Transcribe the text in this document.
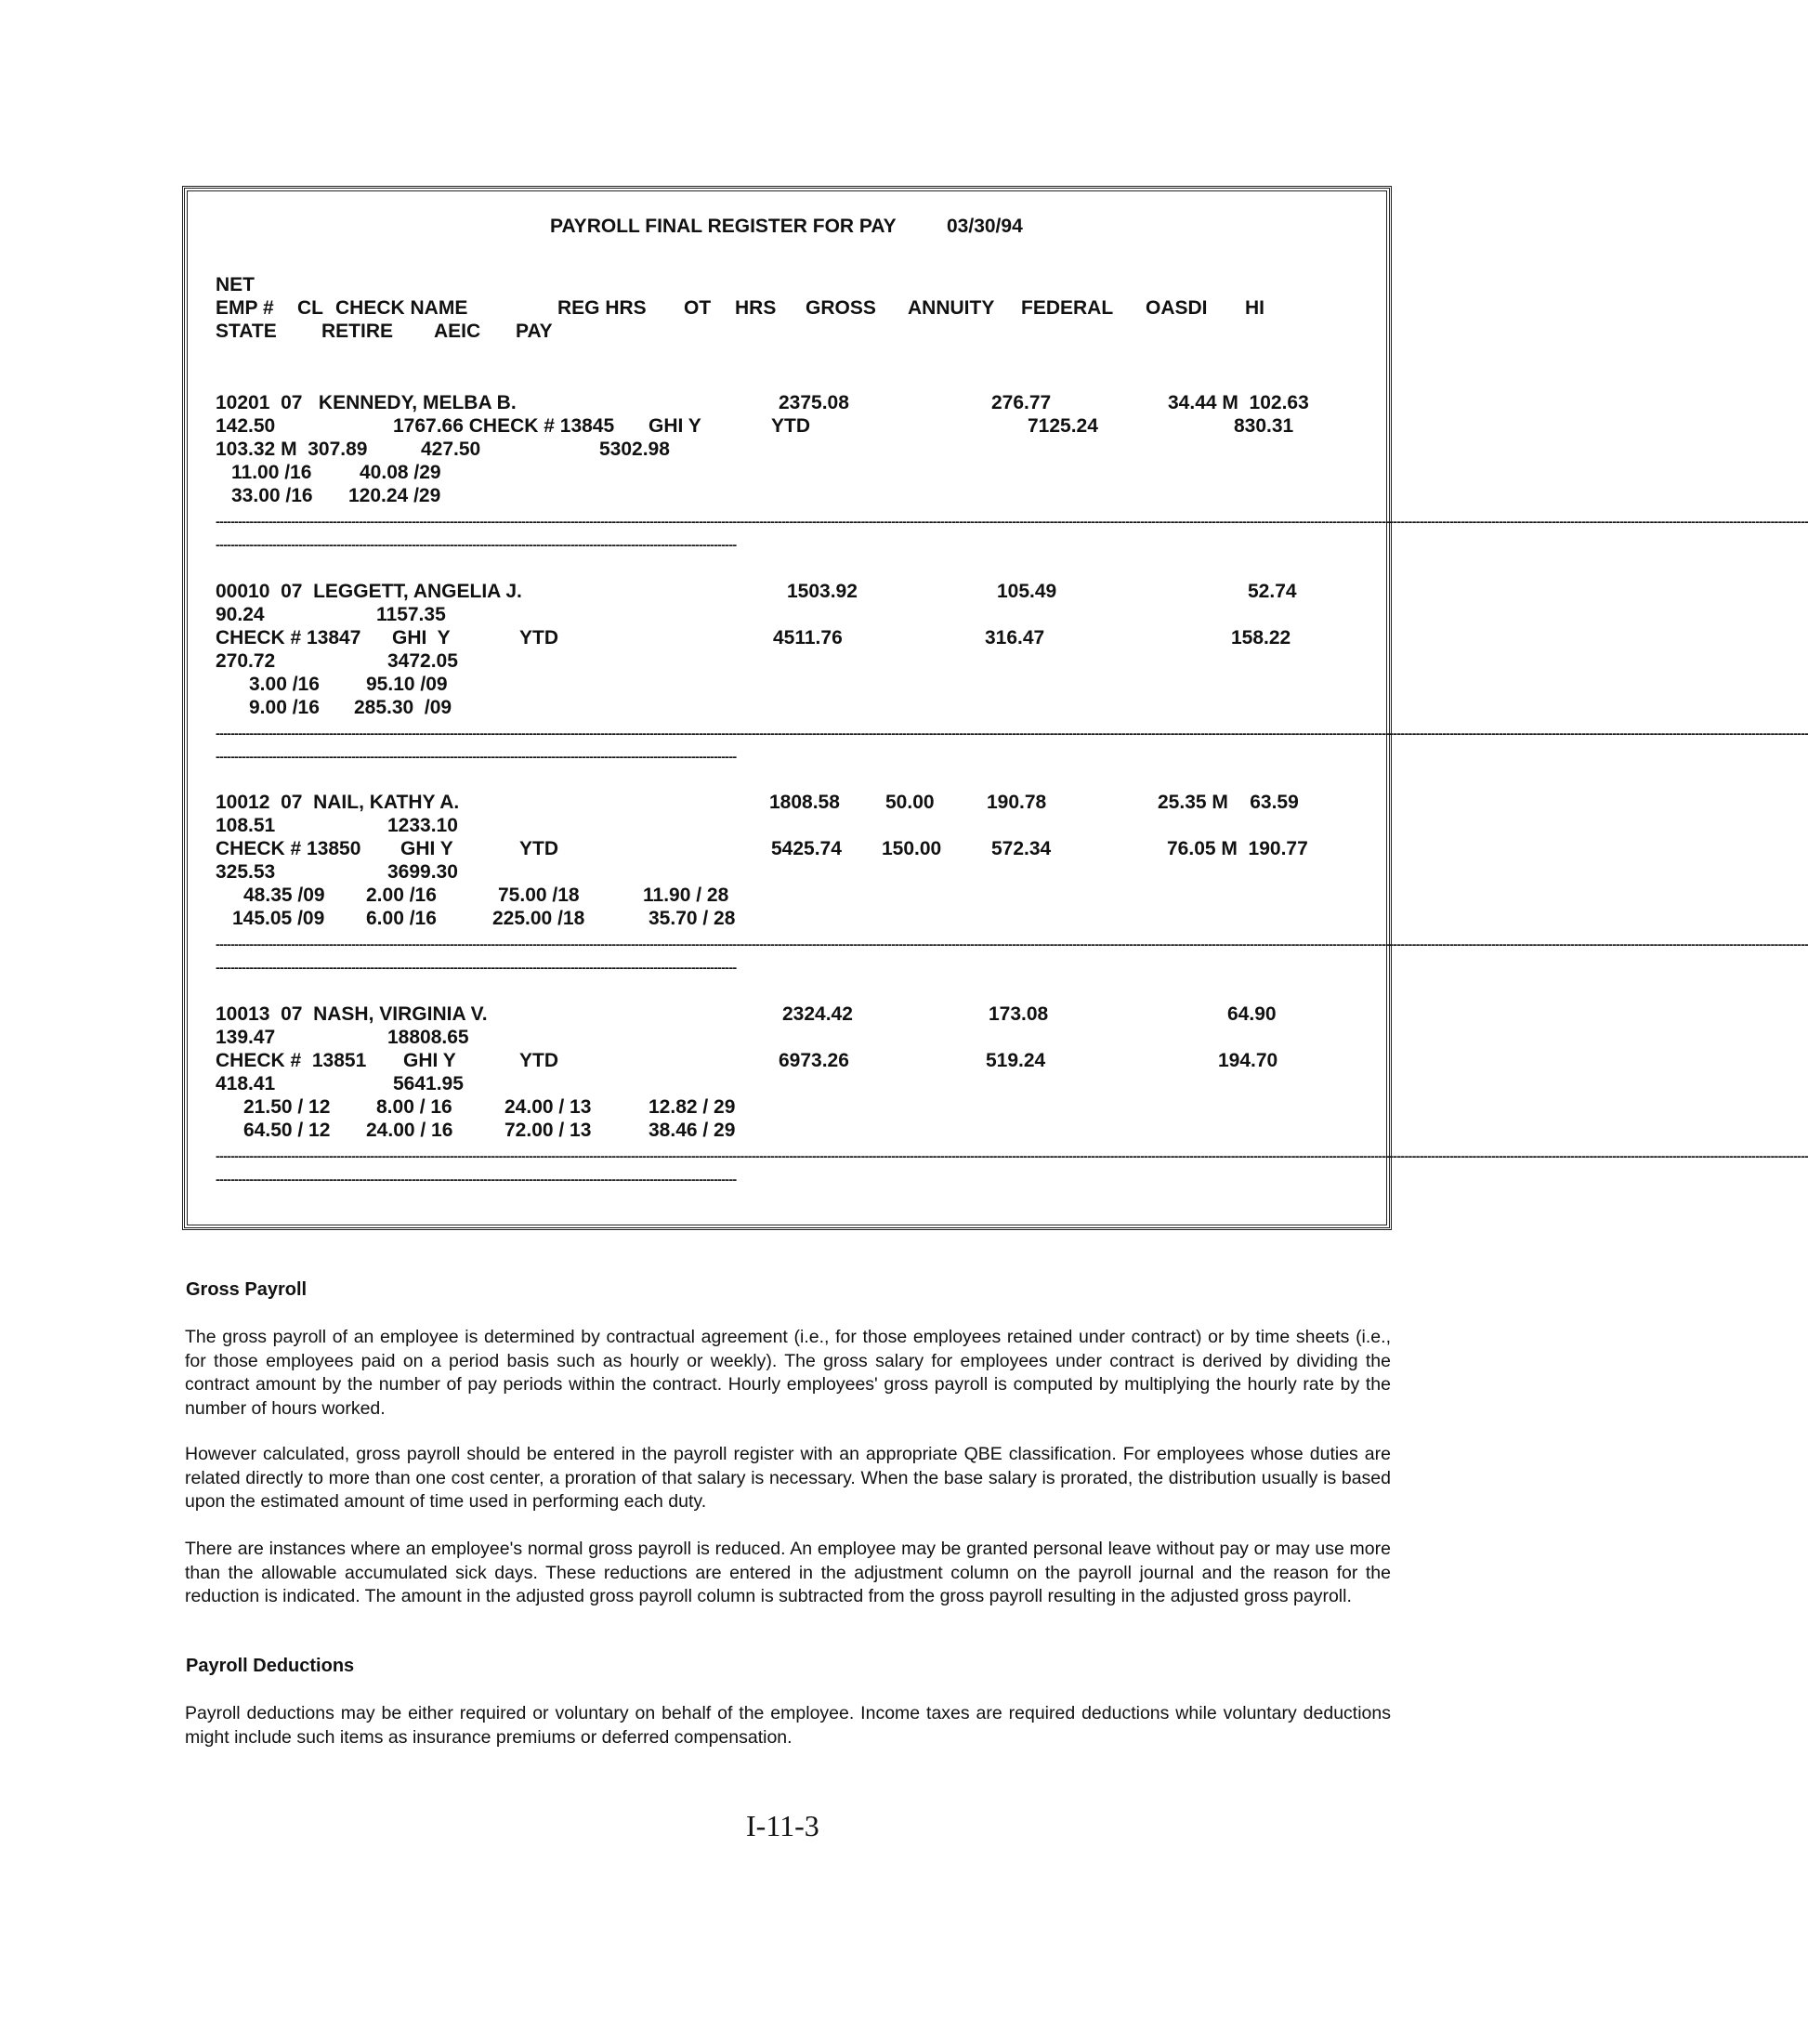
PAYROLL FINAL REGISTER FOR PAY	03/30/94
NET
EMP # CL CHECK NAME	REG HRS OT HRS GROSS ANNUITY FEDERAL OASDI HI
STATE RETIRE AEIC PAY
10201  07   KENNEDY, MELBA B.	2375.08	276.77	34.44 M  102.63
142.50	1767.66 CHECK # 13845 GHI Y	YTD	7125.24	830.31
103.32 M  307.89	427.50	5302.98
11.00 /16 40.08 /29
33.00 /16 120.24 /29
--------------------------------------------------------------------------------------------------------------------------------------------------------------------------------------------------------------------------------------------------------------------------------------------------------------------------------------------------------------------------------------------------------------------------------------
------------------------------------------------------------------------------------------------------------------------------------------
00010  07  LEGGETT, ANGELIA J.	1503.92	105.49	52.74
90.24	1157.35
CHECK # 13847 GHI  Y	YTD	4511.76	316.47	158.22
270.72	3472.05
3.00 /16 95.10 /09
9.00 /16 285.30  /09
--------------------------------------------------------------------------------------------------------------------------------------------------------------------------------------------------------------------------------------------------------------------------------------------------------------------------------------------------------------------------------------------------------------------------------------
------------------------------------------------------------------------------------------------------------------------------------------
10012  07  NAIL, KATHY A.	1808.58 50.00	190.78	25.35 M    63.59
108.51	1233.10
CHECK # 13850 GHI Y	YTD	5425.74 150.00	572.34	76.05 M  190.77
325.53	3699.30
48.35 /09 2.00 /16	75.00 /18	11.90 / 28
145.05 /09 6.00 /16	225.00 /18	35.70 / 28
--------------------------------------------------------------------------------------------------------------------------------------------------------------------------------------------------------------------------------------------------------------------------------------------------------------------------------------------------------------------------------------------------------------------------------------
------------------------------------------------------------------------------------------------------------------------------------------
10013  07  NASH, VIRGINIA V.	2324.42	173.08	64.90
139.47	18808.65
CHECK #  13851 GHI Y	YTD	6973.26	519.24	194.70
418.41	5641.95
21.50 / 12 8.00 / 16	24.00 / 13	12.82 / 29
64.50 / 12 24.00 / 16	72.00 / 13	38.46 / 29
--------------------------------------------------------------------------------------------------------------------------------------------------------------------------------------------------------------------------------------------------------------------------------------------------------------------------------------------------------------------------------------------------------------------------------------
------------------------------------------------------------------------------------------------------------------------------------------
Gross Payroll
The gross payroll of an employee is determined by contractual agreement (i.e., for those employees retained under contract) or by time sheets (i.e., for those employees paid on a period basis such as hourly or weekly). The gross salary for employees under contract is derived by dividing the contract amount by the number of pay periods within the contract. Hourly employees' gross payroll is computed by multiplying the hourly rate by the number of hours worked.
However calculated, gross payroll should be entered in the payroll register with an appropriate QBE classification. For employees whose duties are related directly to more than one cost center, a proration of that salary is necessary. When the base salary is prorated, the distribution usually is based upon the estimated amount of time used in performing each duty.
There are instances where an employee's normal gross payroll is reduced. An employee may be granted personal leave without pay or may use more than the allowable accumulated sick days. These reductions are entered in the adjustment column on the payroll journal and the reason for the reduction is indicated. The amount in the adjusted gross payroll column is subtracted from the gross payroll resulting in the adjusted gross payroll.
Payroll Deductions
Payroll deductions may be either required or voluntary on behalf of the employee. Income taxes are required deductions while voluntary deductions might include such items as insurance premiums or deferred compensation.
I-11-3
